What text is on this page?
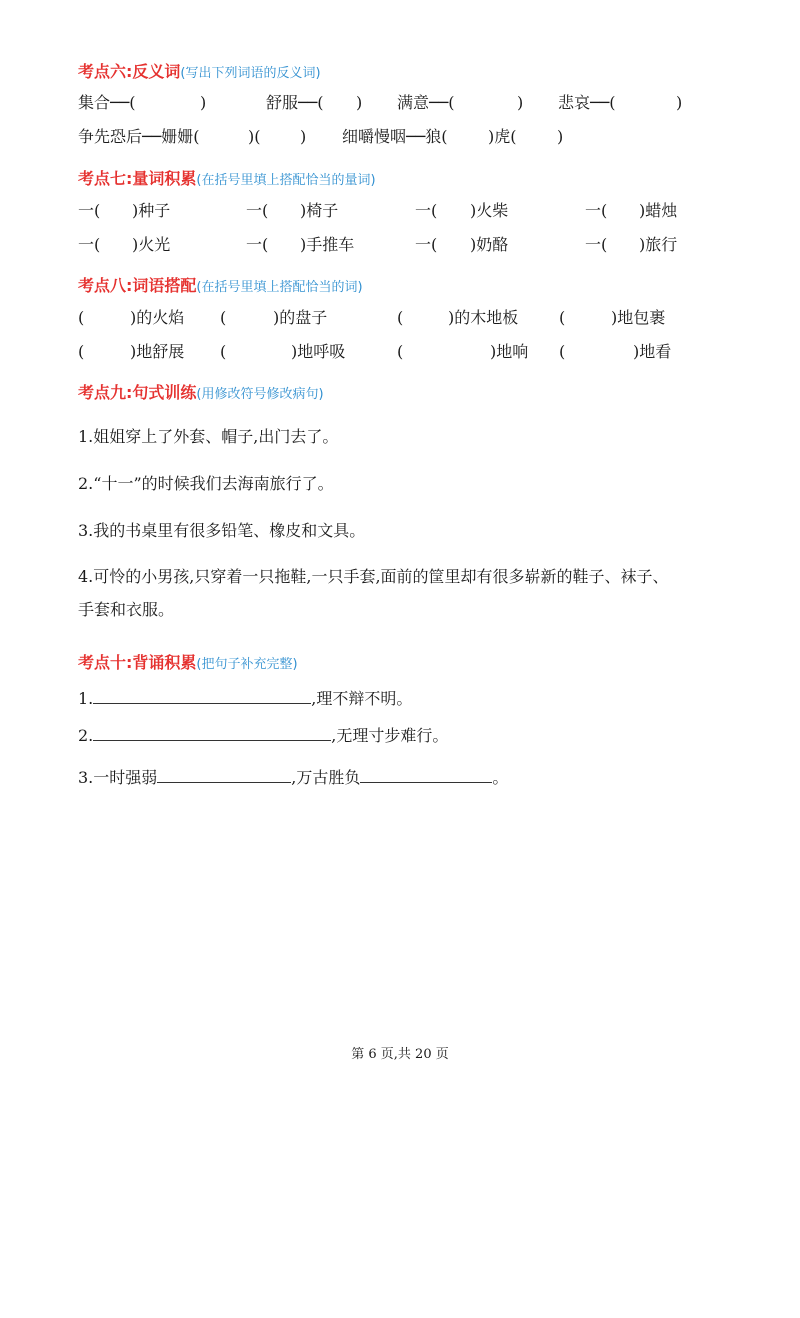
考点六:反义词(写出下列词语的反义词)
集合──(	)	舒服──( ) 满意──(	) 悲哀──(	)
争先恐后──姗姗(	)( ) 细嚼慢咽──狼(	)虎(	)
考点七:量词积累(在括号里填上搭配恰当的量词)
一( )种子	一( )椅子	一( )火柴	一( )蜡烛
一( )火光	一( )手推车	一( )奶酪	一( )旅行
考点八:词语搭配(在括号里填上搭配恰当的词)
(	)的火焰 (	)的盘子	(	)的木地板	(	)地包裹
(	)地舒展 (	)地呼吸	(	)地响 (	)地看
考点九:句式训练(用修改符号修改病句)
1.姐姐穿上了外套、帽子,出门去了。
2.“十一”的时候我们去海南旅行了。
3.我的书桌里有很多铅笔、橡皮和文具。
4.可怜的小男孩,只穿着一只拖鞋,一只手套,面前的筐里却有很多崭新的鞋子、袜子、
手套和衣服。
考点十:背诵积累(把句子补充完整)
1.	,理不辩不明。
2.	,无理寸步难行。
3.一时强弱	,万古胜负	。
第 6 页,共 20 页
